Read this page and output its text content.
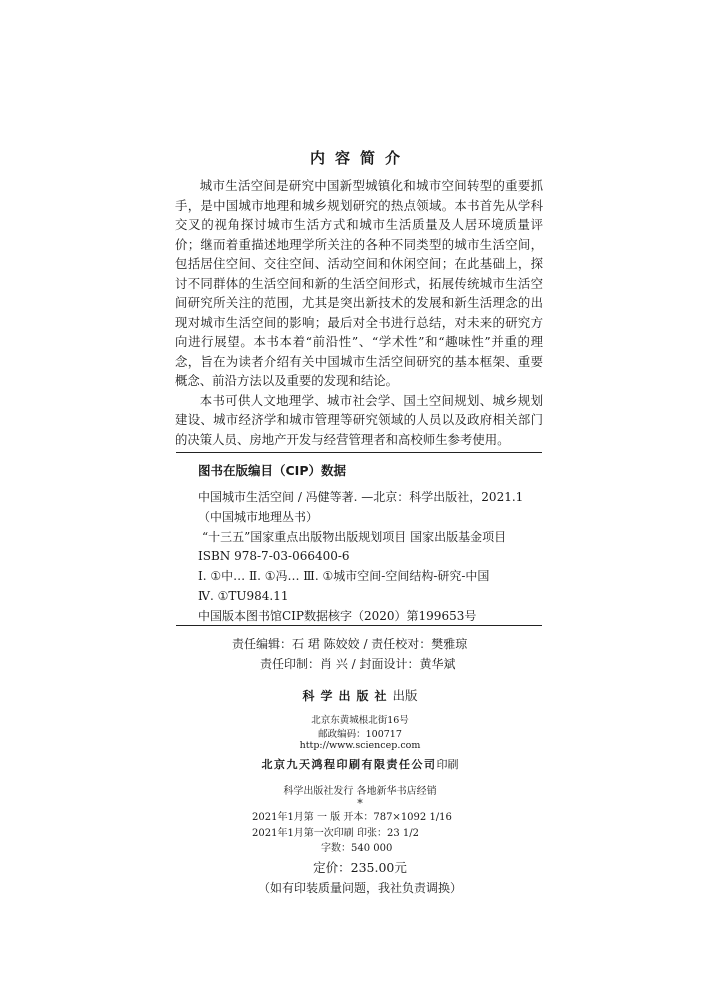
内容简介

城市生活空间是研究中国新型城镇化和城市空间转型的重要抓手，是中国城市地理和城乡规划研究的热点领域。本书首先从学科交叉的视角探讨城市生活方式和城市生活质量及人居环境质量评价；继而着重描述地理学所关注的各种不同类型的城市生活空间，包括居住空间、交往空间、活动空间和休闲空间；在此基础上，探讨不同群体的生活空间和新的生活空间形式，拓展传统城市生活空间研究所关注的范围，尤其是突出新技术的发展和新生活理念的出现对城市生活空间的影响；最后对全书进行总结，对未来的研究方向进行展望。本书本着“前沿性”、“学术性”和“趣味性”并重的理念，旨在为读者介绍有关中国城市生活空间研究的基本框架、重要概念、前沿方法以及重要的发现和结论。

本书可供人文地理学、城市社会学、国土空间规划、城乡规划建设、城市经济学和城市管理等研究领域的人员以及政府相关部门的决策人员、房地产开发与经营管理者和高校师生参考使用。

图书在版编目（CIP）数据
中国城市生活空间 / 冯健等著. —北京：科学出版社，2021.1
（中国城市地理丛书）
“十三五”国家重点出版物出版规划项目 国家出版基金项目
ISBN 978-7-03-066400-6
Ⅰ. ①中… Ⅱ. ①冯… Ⅲ. ①城市空间-空间结构-研究-中国
Ⅳ. ①TU984.11
中国版本图书馆CIP数据核字（2020）第199653号
责任编辑：石 珺 陈姣姣 / 责任校对：樊雅琼
责任印制：肖 兴 / 封面设计：黄华斌
科学出版社出版
北京东黄城根北街16号
邮政编码：100717
http://www.sciencep.com
北京九天鸿程印刷有限责任公司印刷
科学出版社发行 各地新华书店经销
*
2021年1月第 一 版 开本：787×1092 1/16
2021年1月第一次印刷 印张：23 1/2
字数：540 000
定价：235.00元
（如有印装质量问题，我社负责调换）
